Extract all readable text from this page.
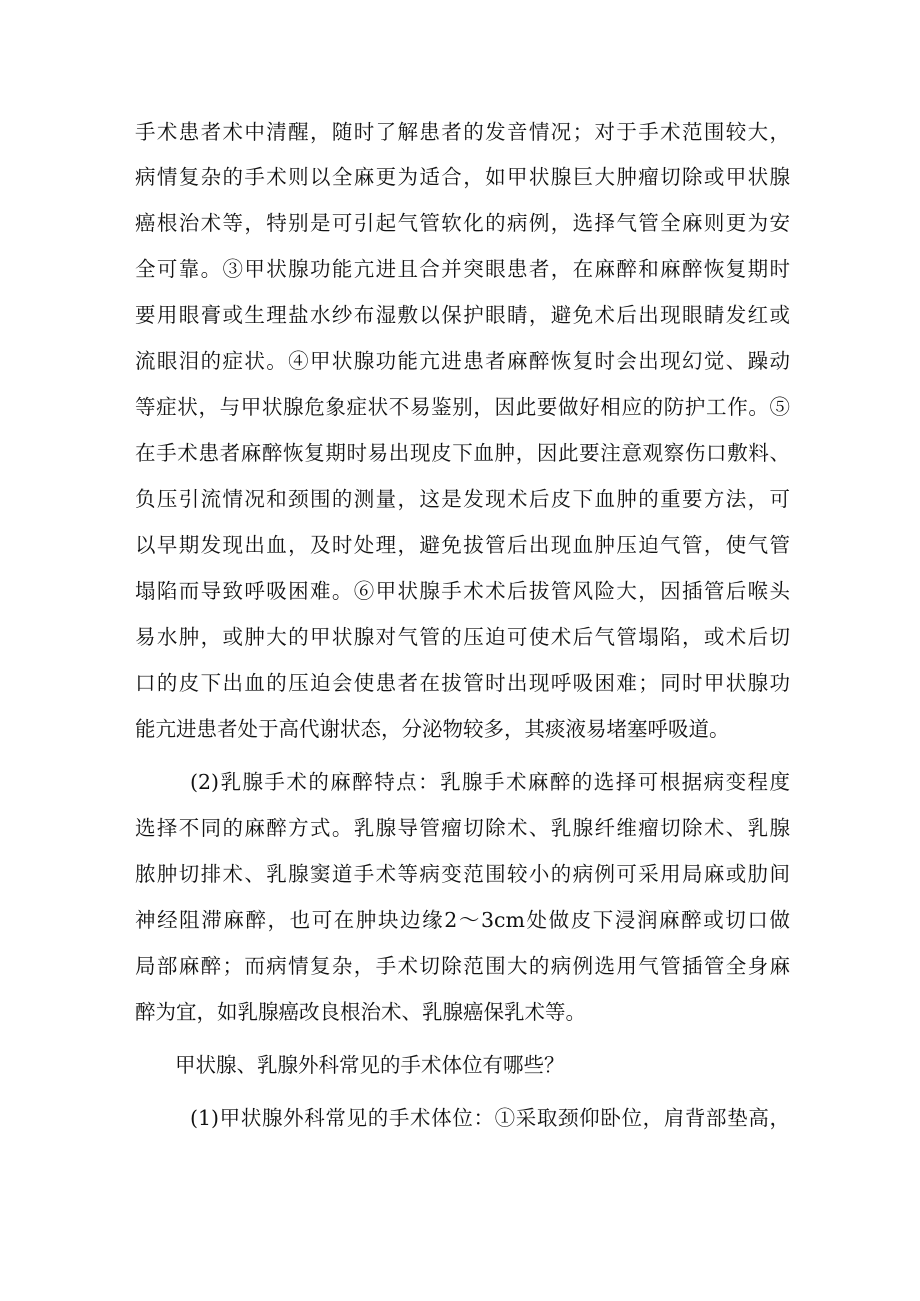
手术患者术中清醒，随时了解患者的发音情况；对于手术范围较大，
病情复杂的手术则以全麻更为适合，如甲状腺巨大肿瘤切除或甲状腺
癌根治术等，特别是可引起气管软化的病例，选择气管全麻则更为安
全可靠。③甲状腺功能亢进且合并突眼患者，在麻醉和麻醉恢复期时
要用眼膏或生理盐水纱布湿敷以保护眼睛，避免术后出现眼睛发红或
流眼泪的症状。④甲状腺功能亢进患者麻醉恢复时会出现幻觉、躁动
等症状，与甲状腺危象症状不易鉴别，因此要做好相应的防护工作。⑤
在手术患者麻醉恢复期时易出现皮下血肿，因此要注意观察伤口敷料、
负压引流情况和颈围的测量，这是发现术后皮下血肿的重要方法，可
以早期发现出血，及时处理，避免拔管后出现血肿压迫气管，使气管
塌陷而导致呼吸困难。⑥甲状腺手术术后拔管风险大，因插管后喉头
易水肿，或肿大的甲状腺对气管的压迫可使术后气管塌陷，或术后切
口的皮下出血的压迫会使患者在拔管时出现呼吸困难；同时甲状腺功
能亢进患者处于高代谢状态，分泌物较多，其痰液易堵塞呼吸道。
(2)乳腺手术的麻醉特点：乳腺手术麻醉的选择可根据病变程度
选择不同的麻醉方式。乳腺导管瘤切除术、乳腺纤维瘤切除术、乳腺
脓肿切排术、乳腺窦道手术等病变范围较小的病例可采用局麻或肋间
神经阻滞麻醉，也可在肿块边缘2～3cm处做皮下浸润麻醉或切口做
局部麻醉；而病情复杂，手术切除范围大的病例选用气管插管全身麻
醉为宜，如乳腺癌改良根治术、乳腺癌保乳术等。
甲状腺、乳腺外科常见的手术体位有哪些？
(1)甲状腺外科常见的手术体位：①采取颈仰卧位，肩背部垫高，
